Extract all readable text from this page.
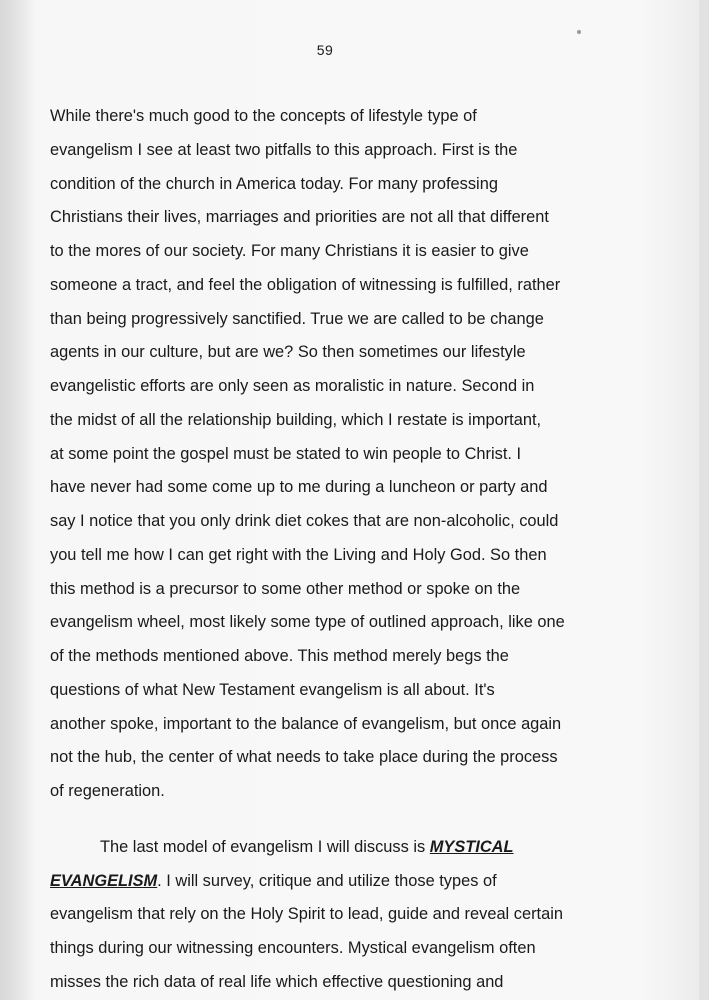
59
While there's much good to the concepts of lifestyle type of
evangelism I see at least two pitfalls to this approach. First is the
condition of the church in America today. For many professing
Christians their lives, marriages and priorities are not all that different
to the mores of our society. For many Christians it is easier to give
someone a tract, and feel the obligation of witnessing is fulfilled, rather
than being progressively sanctified. True we are called to be change
agents in our culture, but are we? So then sometimes our lifestyle
evangelistic efforts are only seen as moralistic in nature. Second in
the midst of all the relationship building, which I restate is important,
at some point the gospel must be stated to win people to Christ. I
have never had some come up to me during a luncheon or party and
say I notice that you only drink diet cokes that are non-alcoholic, could
you tell me how I can get right with the Living and Holy God. So then
this method is a precursor to some other method or spoke on the
evangelism wheel, most likely some type of outlined approach, like one
of the methods mentioned above. This method merely begs the
questions of what New Testament evangelism is all about. It's
another spoke, important to the balance of evangelism, but once again
not the hub, the center of what needs to take place during the process
of regeneration.
The last model of evangelism I will discuss is MYSTICAL
EVANGELISM. I will survey, critique and utilize those types of
evangelism that rely on the Holy Spirit to lead, guide and reveal certain
things during our witnessing encounters. Mystical evangelism often
misses the rich data of real life which effective questioning and
